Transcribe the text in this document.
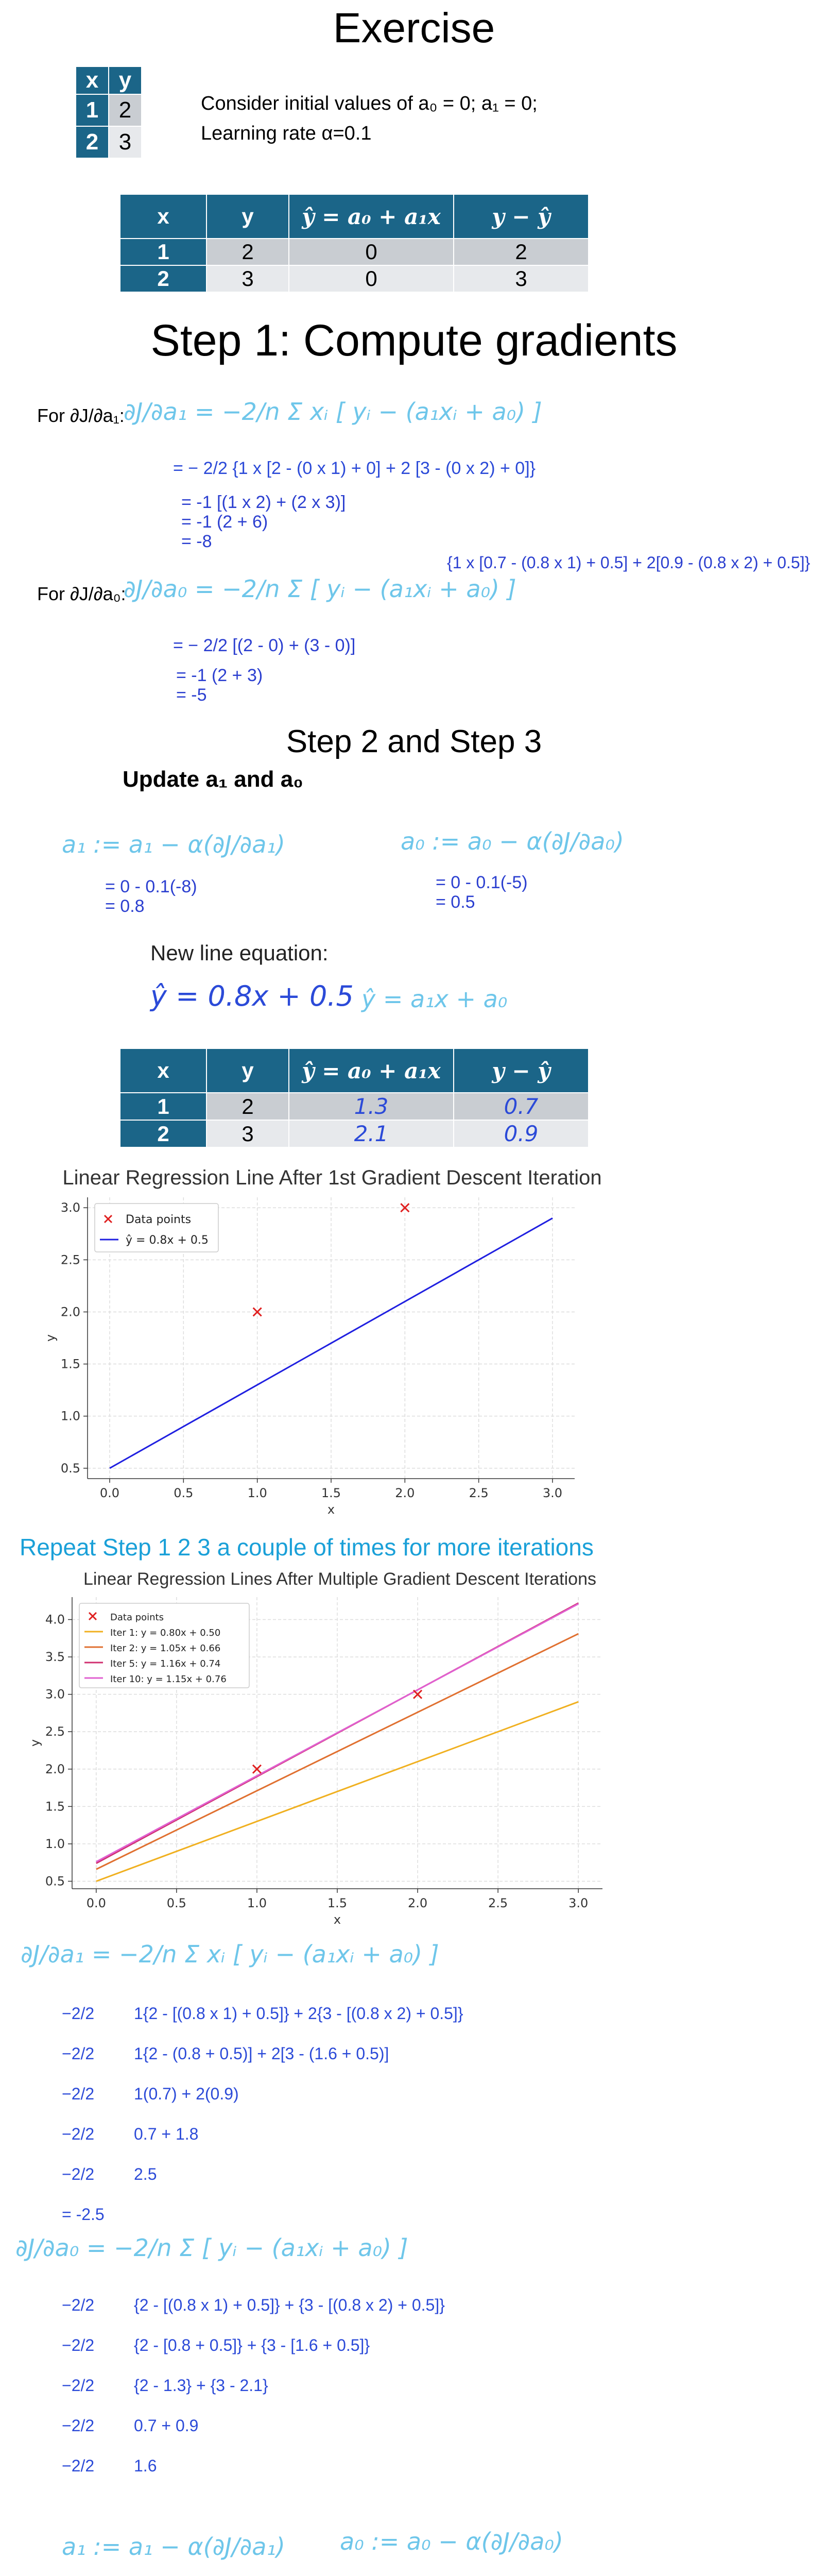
Exercise
x	y
1	2
2	3
Consider initial values of a₀ = 0; a₁ = 0;
Learning rate α=0.1
x	y	ŷ = a₀ + a₁x	y − ŷ
1	2	0	2
2	3	0	3
Step 1: Compute gradients
For ∂J/∂a₁:
∂J/∂a₁ = −2/n Σ xᵢ [ yᵢ − (a₁xᵢ + a₀) ]
= − 2/2 {1 x [2 - (0 x 1) + 0] + 2 [3 - (0 x 2) + 0]}
= -1 [(1 x 2) + (2 x 3)]
= -1 (2 + 6)
= -8
{1 x [0.7 - (0.8 x 1) + 0.5] + 2[0.9 - (0.8 x 2) + 0.5]}
For ∂J/∂a₀:
∂J/∂a₀ = −2/n Σ [ yᵢ − (a₁xᵢ + a₀) ]
= − 2/2 [(2 - 0) + (3 - 0)]
= -1 (2 + 3)
= -5
Step 2 and Step 3
Update a₁ and a₀
a₁ := a₁ − α(∂J/∂a₁)
= 0 - 0.1(-8)
= 0.8
a₀ := a₀ − α(∂J/∂a₀)
= 0 - 0.1(-5)
= 0.5
New line equation:
ŷ = 0.8x + 0.5 ŷ = a₁x + a₀
x	y	ŷ = a₀ + a₁x	y − ŷ
1	2	1.3	0.7
2	3	2.1	0.9
Linear Regression Line After 1st Gradient Descent Iteration
0.0	0.5	1.0	1.5	2.0	2.5	3.0
0.5
1.0
1.5
2.0
2.5
3.0
x
y
Data points
ŷ = 0.8x + 0.5
Repeat Step 1 2 3 a couple of times for more iterations
Linear Regression Lines After Multiple Gradient Descent Iterations
0.0	0.5	1.0	1.5	2.0	2.5	3.0
0.5
1.0
1.5
2.0
2.5
3.0
3.5
4.0
x
y
Data points
Iter 1: y = 0.80x + 0.50
Iter 2: y = 1.05x + 0.66
Iter 5: y = 1.16x + 0.74
Iter 10: y = 1.15x + 0.76
∂J/∂a₁ = −2/n Σ xᵢ [ yᵢ − (a₁xᵢ + a₀) ]
−2/2 1{2 - [(0.8 x 1) + 0.5]} + 2{3 - [(0.8 x 2) + 0.5]}
−2/2 1{2 - (0.8 + 0.5)] + 2[3 - (1.6 + 0.5)]
−2/2 1(0.7) + 2(0.9)
−2/2 0.7 + 1.8
−2/2 2.5
= -2.5
∂J/∂a₀ = −2/n Σ [ yᵢ − (a₁xᵢ + a₀) ]
−2/2 {2 - [(0.8 x 1) + 0.5]} + {3 - [(0.8 x 2) + 0.5]}
−2/2 {2 - [0.8 + 0.5]} + {3 - [1.6 + 0.5]}
−2/2 {2 - 1.3} + {3 - 2.1}
−2/2 0.7 + 0.9
−2/2 1.6
a₁ := a₁ − α(∂J/∂a₁) a₀ := a₀ − α(∂J/∂a₀)
